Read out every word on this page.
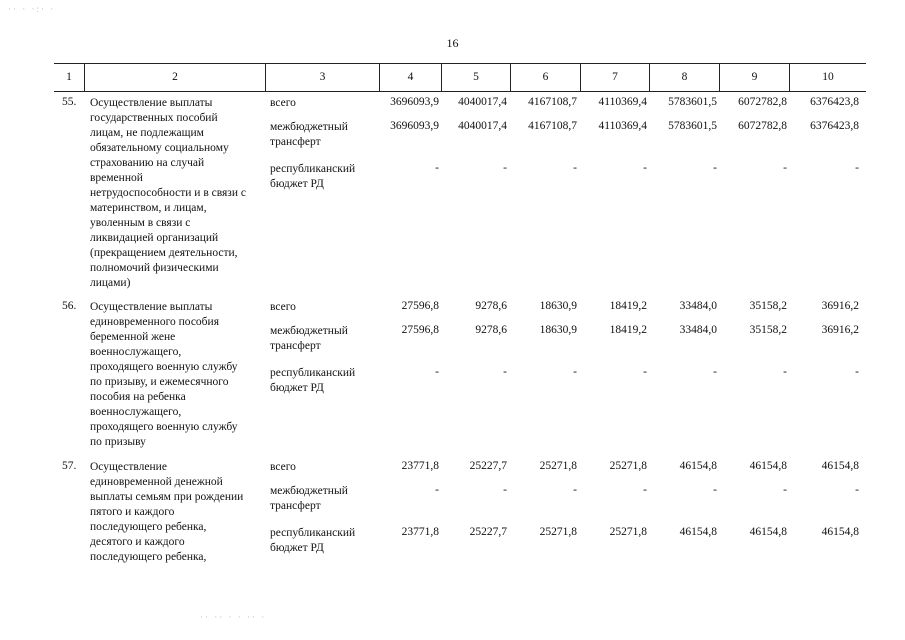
16
1	2	3	4	5	6	7	8	9	10
55. Осуществление выплаты
государственных пособий
лицам, не подлежащим
обязательному социальному
страхованию на случай
временной
нетрудоспособности и в связи с
материнством, и лицам,
уволенным в связи с
ликвидацией организаций
(прекращением деятельности,
полномочий физическими
лицами)
всего	3696093,9 4040017,4 4167108,7 4110369,4 5783601,5 6072782,8 6376423,8
межбюджетный
трансферт
3696093,9 4040017,4 4167108,7 4110369,4 5783601,5 6072782,8 6376423,8
республиканский
бюджет РД
-	-	-	-	-	-	-
56. Осуществление выплаты
единовременного пособия
беременной жене
военнослужащего,
проходящего военную службу
по призыву, и ежемесячного
пособия на ребенка
военнослужащего,
проходящего военную службу
по призыву
всего	27596,8	9278,6	18630,9	18419,2	33484,0	35158,2	36916,2
межбюджетный
трансферт
27596,8	9278,6	18630,9	18419,2	33484,0	35158,2	36916,2
республиканский
бюджет РД
-	-	-	-	-	-	-
57. Осуществление
единовременной денежной
выплаты семьям при рождении
пятого и каждого
последующего ребенка,
десятого и каждого
последующего ребенка,
всего	23771,8	25227,7	25271,8	25271,8	46154,8	46154,8	46154,8
межбюджетный
трансферт
-	-	-	-	-	-	-
республиканский
бюджет РД
23771,8	25227,7	25271,8	25271,8	46154,8	46154,8	46154,8
·· · ·:· ·
·· ·· · · ·· ·
